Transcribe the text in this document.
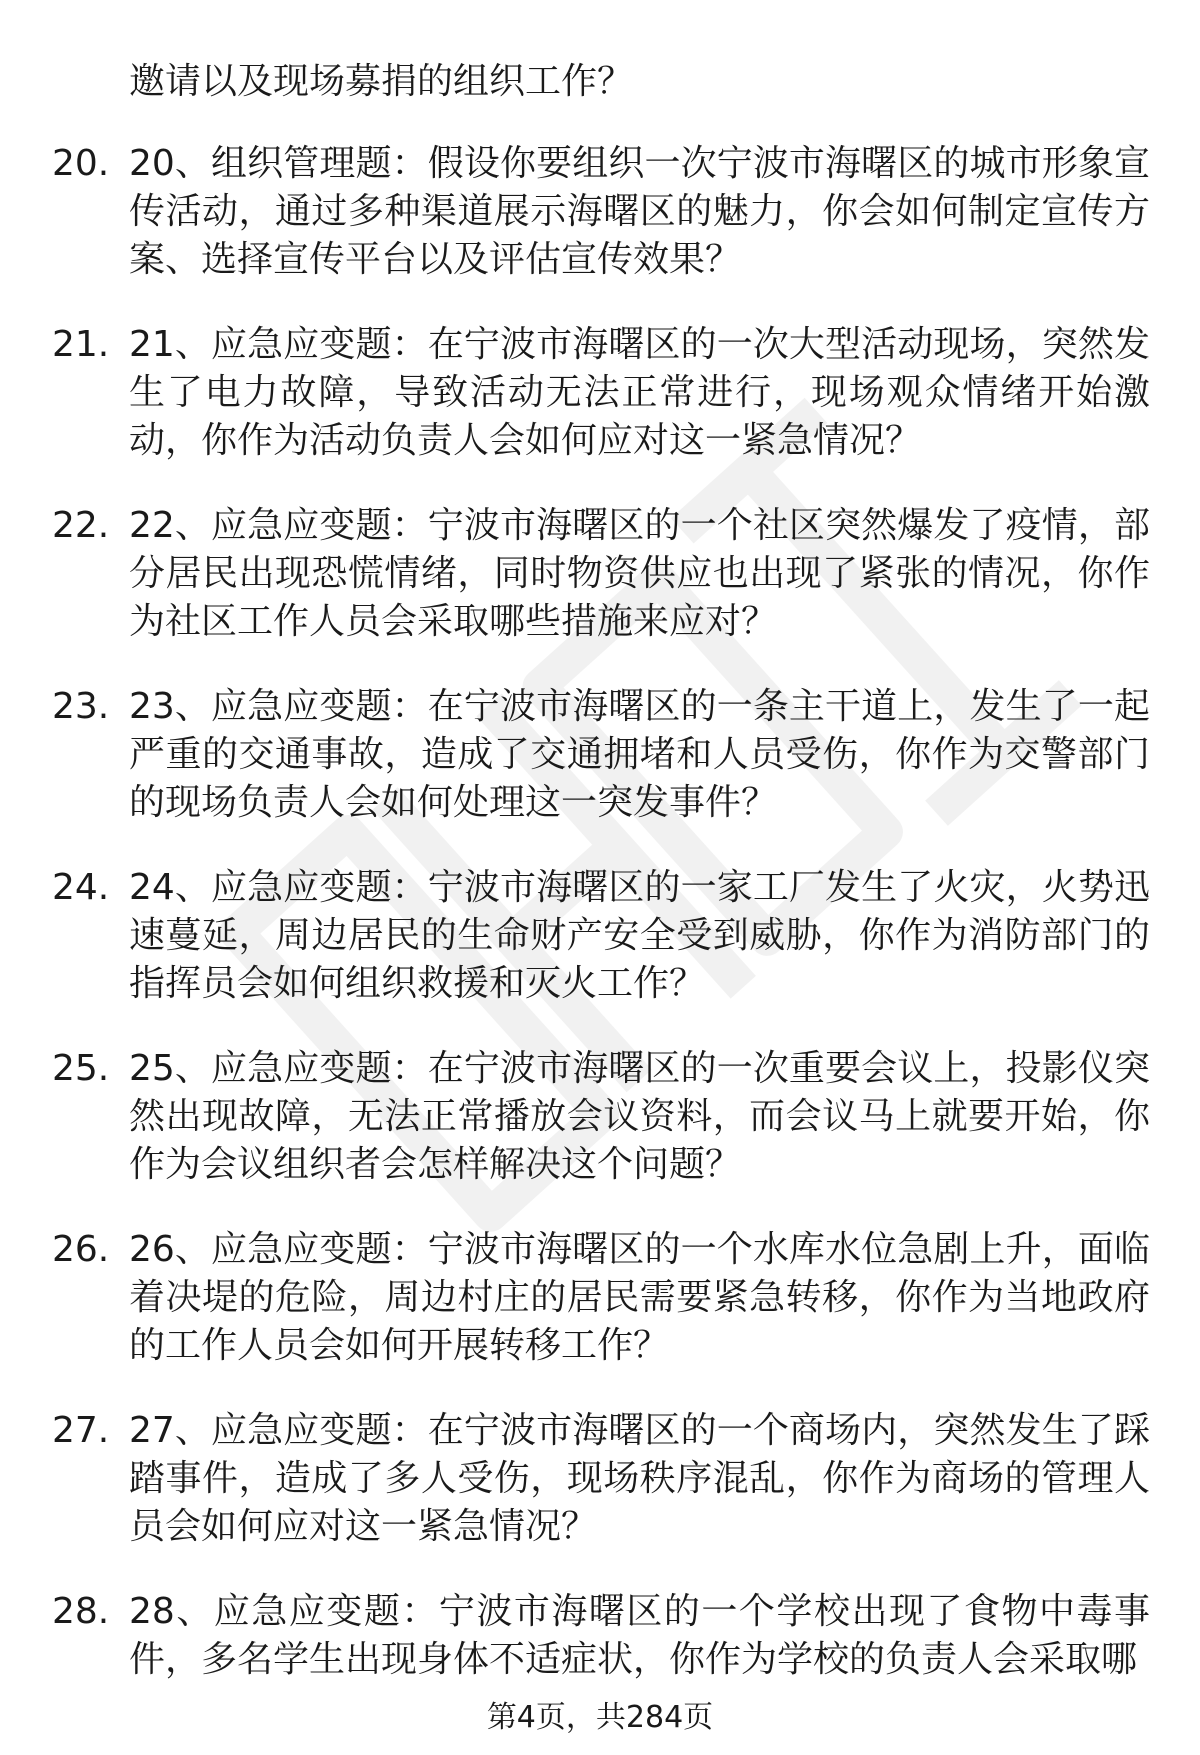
邀请以及现场募捐的组织工作？

20. 20、组织管理题：假设你要组织一次宁波市海曙区的城市形象宣传活动，通过多种渠道展示海曙区的魅力，你会如何制定宣传方案、选择宣传平台以及评估宣传效果？
21. 21、应急应变题：在宁波市海曙区的一次大型活动现场，突然发生了电力故障，导致活动无法正常进行，现场观众情绪开始激动，你作为活动负责人会如何应对这一紧急情况？
22. 22、应急应变题：宁波市海曙区的一个社区突然爆发了疫情，部分居民出现恐慌情绪，同时物资供应也出现了紧张的情况，你作为社区工作人员会采取哪些措施来应对？
23. 23、应急应变题：在宁波市海曙区的一条主干道上，发生了一起严重的交通事故，造成了交通拥堵和人员受伤，你作为交警部门的现场负责人会如何处理这一突发事件？
24. 24、应急应变题：宁波市海曙区的一家工厂发生了火灾，火势迅速蔓延，周边居民的生命财产安全受到威胁，你作为消防部门的指挥员会如何组织救援和灭火工作？
25. 25、应急应变题：在宁波市海曙区的一次重要会议上，投影仪突然出现故障，无法正常播放会议资料，而会议马上就要开始，你作为会议组织者会怎样解决这个问题？
26. 26、应急应变题：宁波市海曙区的一个水库水位急剧上升，面临着决堤的危险，周边村庄的居民需要紧急转移，你作为当地政府的工作人员会如何开展转移工作？
27. 27、应急应变题：在宁波市海曙区的一个商场内，突然发生了踩踏事件，造成了多人受伤，现场秩序混乱，你作为商场的管理人员会如何应对这一紧急情况？
28. 28、应急应变题：宁波市海曙区的一个学校出现了食物中毒事件，多名学生出现身体不适症状，你作为学校的负责人会采取哪
第4页，共284页
